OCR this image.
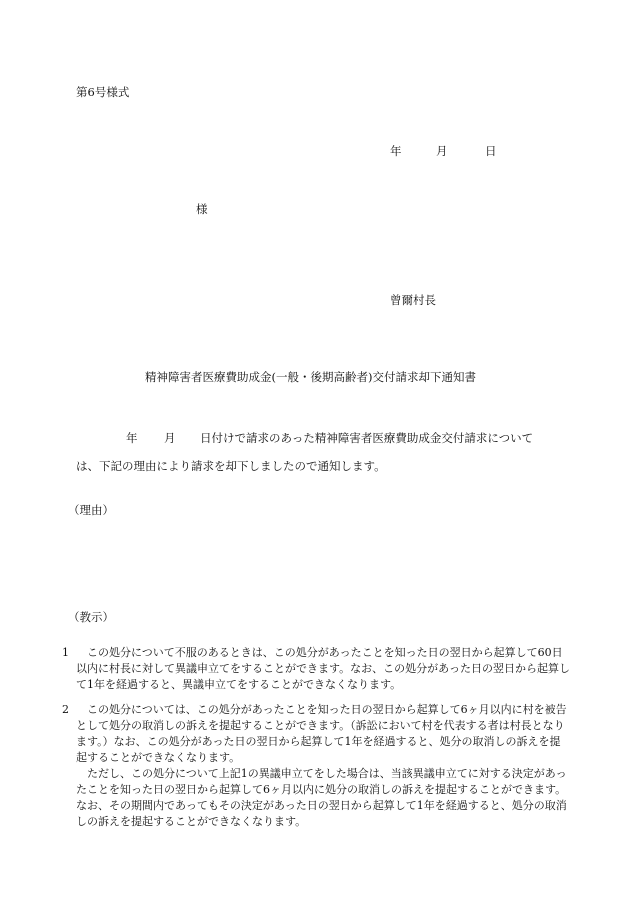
第6号様式
年	月	日
様
曾爾村長
精神障害者医療費助成金(一般・後期高齢者)交付請求却下通知書
年 月 日付けで請求のあった精神障害者医療費助成金交付請求について
は、下記の理由により請求を却下しましたので通知します。
（理由）
（教示）
1 　この処分について不服のあるときは、この処分があったことを知った日の翌日から起算して60日以内に村長に対して異議申立てをすることができます。なお、この処分があった日の翌日から起算して1年を経過すると、異議申立てをすることができなくなります。

2 　この処分については、この処分があったことを知った日の翌日から起算して6ヶ月以内に村を被告として処分の取消しの訴えを提起することができます。（訴訟において村を代表する者は村長となります。）なお、この処分があった日の翌日から起算して1年を経過すると、処分の取消しの訴えを提起することができなくなります。

　ただし、この処分について上記1の異議申立てをした場合は、当該異議申立てに対する決定があったことを知った日の翌日から起算して6ヶ月以内に処分の取消しの訴えを提起することができます。なお、その期間内であってもその決定があった日の翌日から起算して1年を経過すると、処分の取消しの訴えを提起することができなくなります。
